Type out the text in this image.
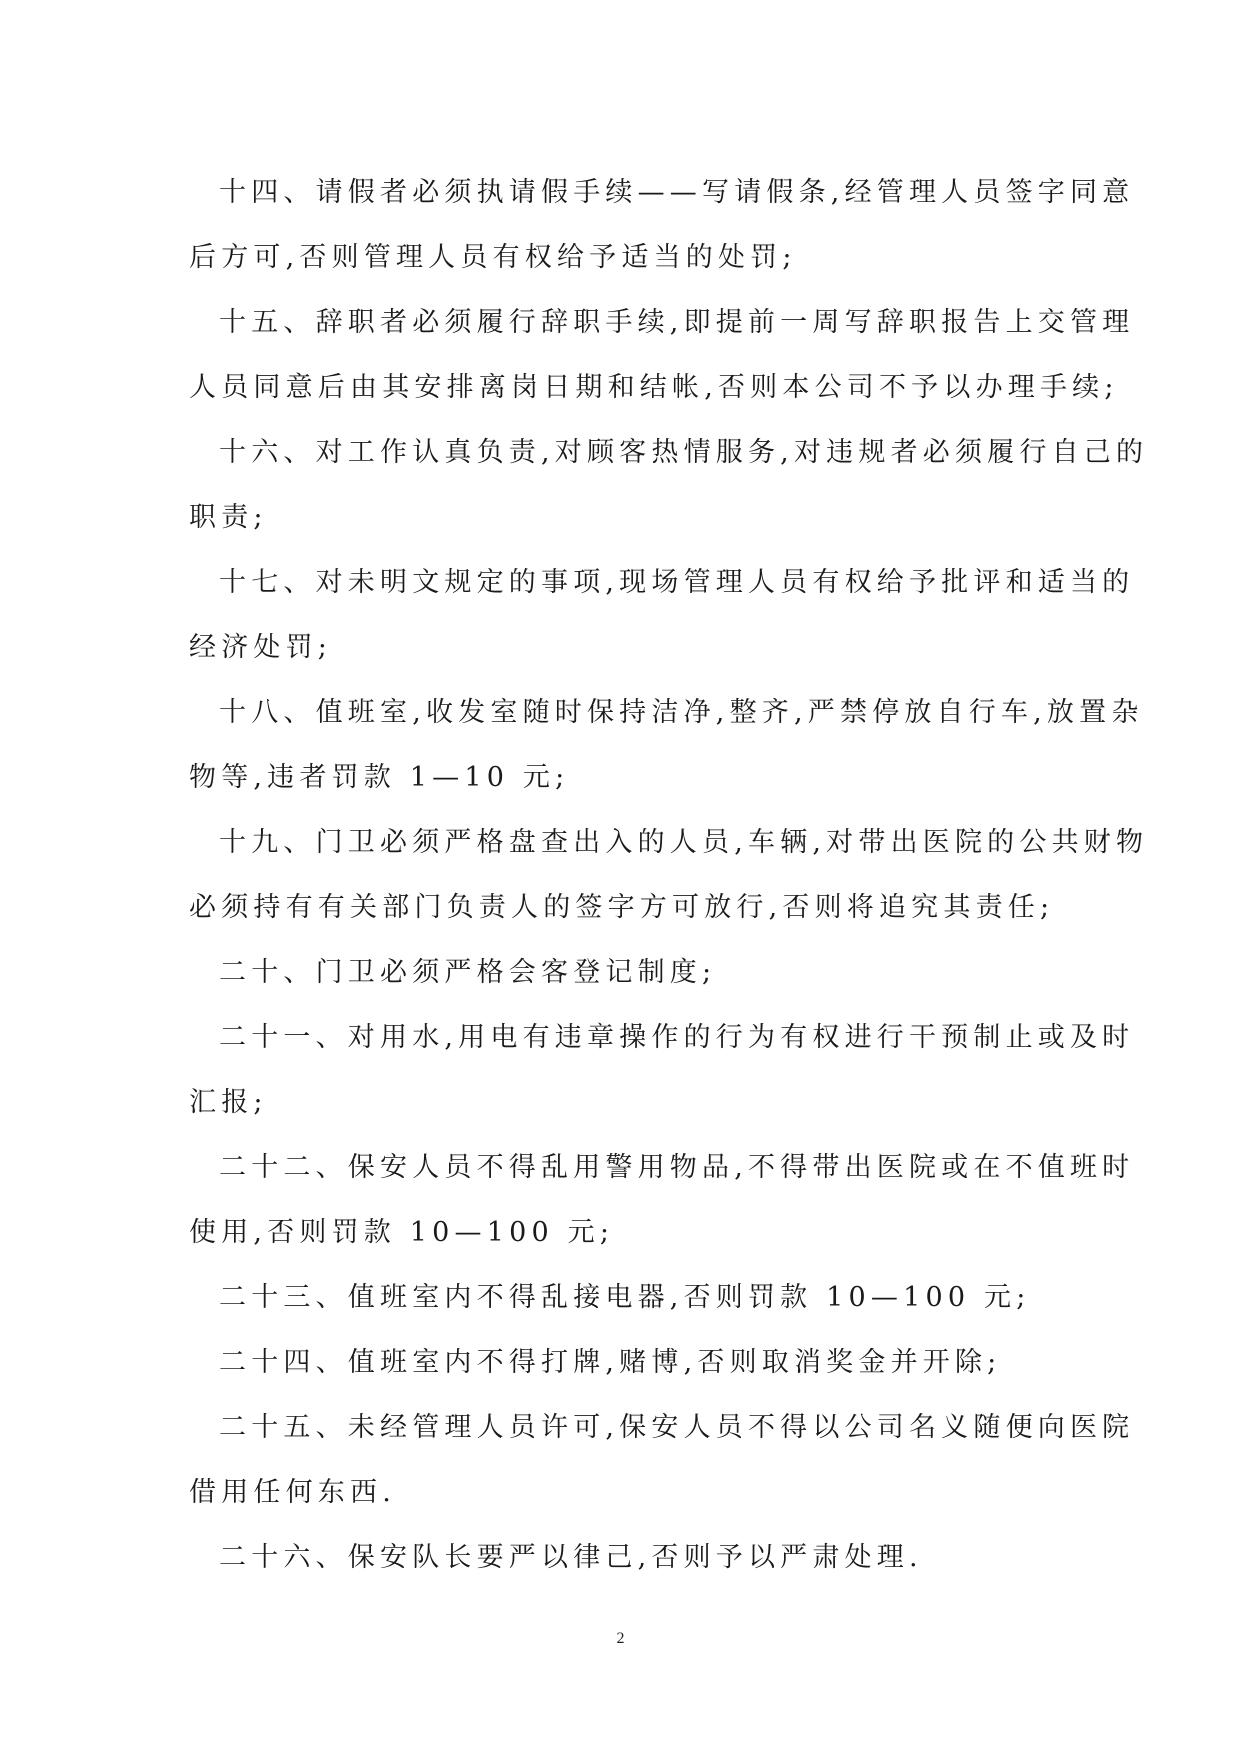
十四、请假者必须执请假手续——写请假条,经管理人员签字同意
后方可,否则管理人员有权给予适当的处罚;

十五、辞职者必须履行辞职手续,即提前一周写辞职报告上交管理
人员同意后由其安排离岗日期和结帐,否则本公司不予以办理手续;

十六、对工作认真负责,对顾客热情服务,对违规者必须履行自己的
职责;

十七、对未明文规定的事项,现场管理人员有权给予批评和适当的
经济处罚;

十八、值班室,收发室随时保持洁净,整齐,严禁停放自行车,放置杂
物等,违者罚款 1—10 元;

十九、门卫必须严格盘查出入的人员,车辆,对带出医院的公共财物
必须持有有关部门负责人的签字方可放行,否则将追究其责任;

二十、门卫必须严格会客登记制度;

二十一、对用水,用电有违章操作的行为有权进行干预制止或及时
汇报;

二十二、保安人员不得乱用警用物品,不得带出医院或在不值班时
使用,否则罚款 10—100 元;

二十三、值班室内不得乱接电器,否则罚款 10—100 元;

二十四、值班室内不得打牌,赌博,否则取消奖金并开除;

二十五、未经管理人员许可,保安人员不得以公司名义随便向医院
借用任何东西.

二十六、保安队长要严以律己,否则予以严肃处理.

2
